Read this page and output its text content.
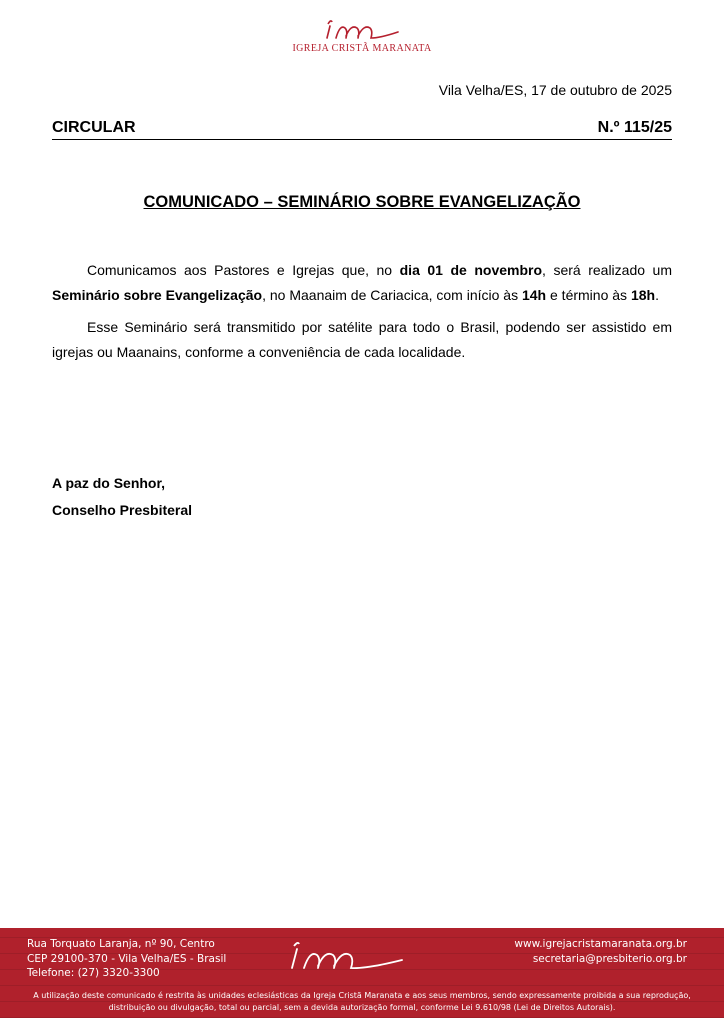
IGREJA CRISTÃ MARANATA
Vila Velha/ES, 17 de outubro de 2025
CIRCULAR	N.º 115/25
COMUNICADO – SEMINÁRIO SOBRE EVANGELIZAÇÃO

Comunicamos aos Pastores e Igrejas que, no dia 01 de novembro, será realizado um Seminário sobre Evangelização, no Maanaim de Cariacica, com início às 14h e término às 18h.

Esse Seminário será transmitido por satélite para todo o Brasil, podendo ser assistido em igrejas ou Maanains, conforme a conveniência de cada localidade.

A paz do Senhor,
Conselho Presbiteral
Rua Torquato Laranja, nº 90, Centro
CEP 29100-370 - Vila Velha/ES - Brasil
Telefone: (27) 3320-3300
www.igrejacristamaranata.org.br
secretaria@presbiterio.org.br
A utilização deste comunicado é restrita às unidades eclesiásticas da Igreja Cristã Maranata e aos seus membros, sendo expressamente proibida a sua reprodução, distribuição ou divulgação, total ou parcial, sem a devida autorização formal, conforme Lei 9.610/98 (Lei de Direitos Autorais).
